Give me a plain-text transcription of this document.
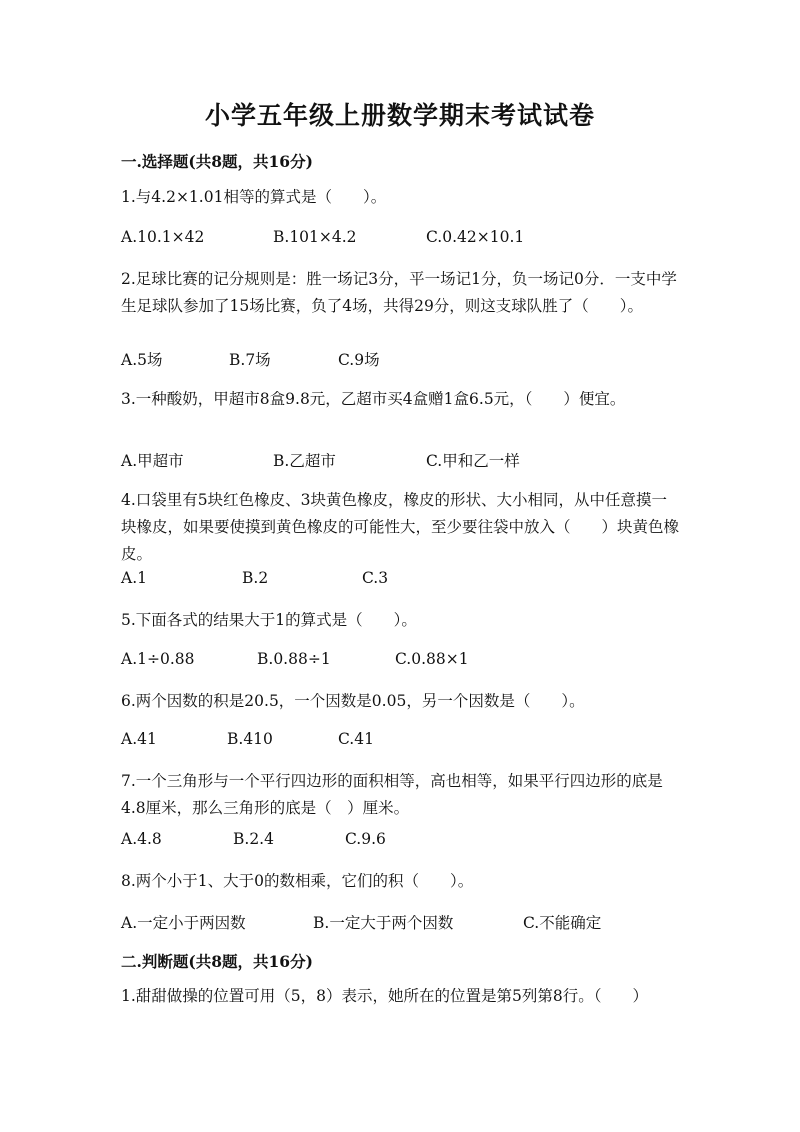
小学五年级上册数学期末考试试卷
一.选择题(共8题，共16分)
1.与4.2×1.01相等的算式是（　　）。
A.10.1×42	B.101×4.2	C.0.42×10.1
2.足球比赛的记分规则是：胜一场记3分，平一场记1分，负一场记0分．一支中学生足球队参加了15场比赛，负了4场，共得29分，则这支球队胜了（　　）。
A.5场	B.7场	C.9场
3.一种酸奶，甲超市8盒9.8元，乙超市买4盒赠1盒6.5元，（　　）便宜。
A.甲超市	B.乙超市	C.甲和乙一样
4.口袋里有5块红色橡皮、3块黄色橡皮，橡皮的形状、大小相同，从中任意摸一块橡皮，如果要使摸到黄色橡皮的可能性大，至少要往袋中放入（　　）块黄色橡皮。
A.1	B.2	C.3
5.下面各式的结果大于1的算式是（　　）。
A.1÷0.88	B.0.88÷1	C.0.88×1
6.两个因数的积是20.5，一个因数是0.05，另一个因数是（　　）。
A.41	B.410	C.41
7.一个三角形与一个平行四边形的面积相等，高也相等，如果平行四边形的底是4.8厘米，那么三角形的底是（　）厘米。
A.4.8	B.2.4	C.9.6
8.两个小于1、大于0的数相乘，它们的积（　　）。
A.一定小于两因数	B.一定大于两个因数	C.不能确定
二.判断题(共8题，共16分)
1.甜甜做操的位置可用（5，8）表示，她所在的位置是第5列第8行。（　　）
